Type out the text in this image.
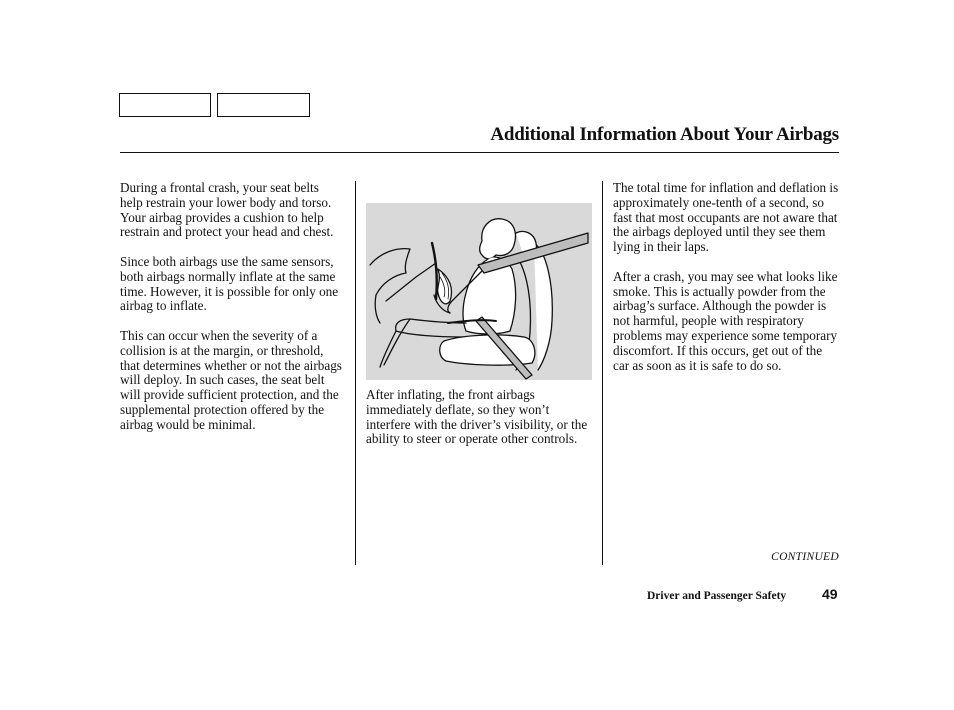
Additional Information About Your Airbags

During a frontal crash, your seat belts help restrain your lower body and torso. Your airbag provides a cushion to help restrain and protect your head and chest.

Since both airbags use the same sensors, both airbags normally inflate at the same time. However, it is possible for only one airbag to inflate.

This can occur when the severity of a collision is at the margin, or threshold, that determines whether or not the airbags will deploy. In such cases, the seat belt will provide sufficient protection, and the supplemental protection offered by the airbag would be minimal.

After inflating, the front airbags immediately deflate, so they won’t interfere with the driver’s visibility, or the ability to steer or operate other controls.

The total time for inflation and deflation is approximately one-tenth of a second, so fast that most occupants are not aware that the airbags deployed until they see them lying in their laps.

After a crash, you may see what looks like smoke. This is actually powder from the airbag’s surface. Although the powder is not harmful, people with respiratory problems may experience some temporary discomfort. If this occurs, get out of the car as soon as it is safe to do so.

CONTINUED
Driver and Passenger Safety	49
